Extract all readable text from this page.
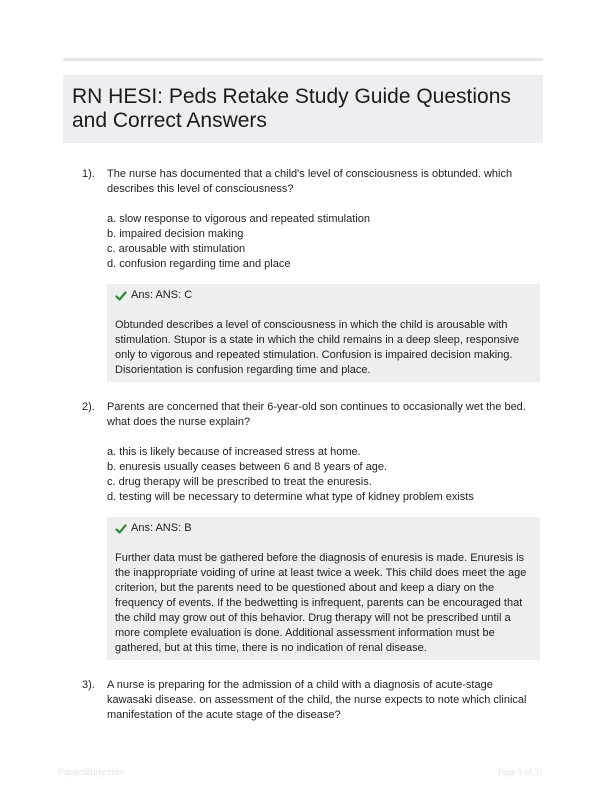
RN HESI: Peds Retake Study Guide Questions and Correct Answers
1). The nurse has documented that a child's level of consciousness is obtunded. which describes this level of consciousness?

a. slow response to vigorous and repeated stimulation
b. impaired decision making
c. arousable with stimulation
d. confusion regarding time and place
Ans: ANS: C

Obtunded describes a level of consciousness in which the child is arousable with stimulation. Stupor is a state in which the child remains in a deep sleep, responsive only to vigorous and repeated stimulation. Confusion is impaired decision making. Disorientation is confusion regarding time and place.

2). Parents are concerned that their 6-year-old son continues to occasionally wet the bed. what does the nurse explain?

a. this is likely because of increased stress at home.
b. enuresis usually ceases between 6 and 8 years of age.
c. drug therapy will be prescribed to treat the enuresis.
d. testing will be necessary to determine what type of kidney problem exists
Ans: ANS: B

Further data must be gathered before the diagnosis of enuresis is made. Enuresis is the inappropriate voiding of urine at least twice a week. This child does meet the age criterion, but the parents need to be questioned about and keep a diary on the frequency of events. If the bedwetting is infrequent, parents can be encouraged that the child may grow out of this behavior. Drug therapy will not be prescribed until a more complete evaluation is done. Additional assessment information must be gathered, but at this time, there is no indication of renal disease.

3). A nurse is preparing for the admission of a child with a diagnosis of acute-stage kawasaki disease. on assessment of the child, the nurse expects to note which clinical manifestation of the acute stage of the disease?

PaperStudy.com	Page 1 of 31
